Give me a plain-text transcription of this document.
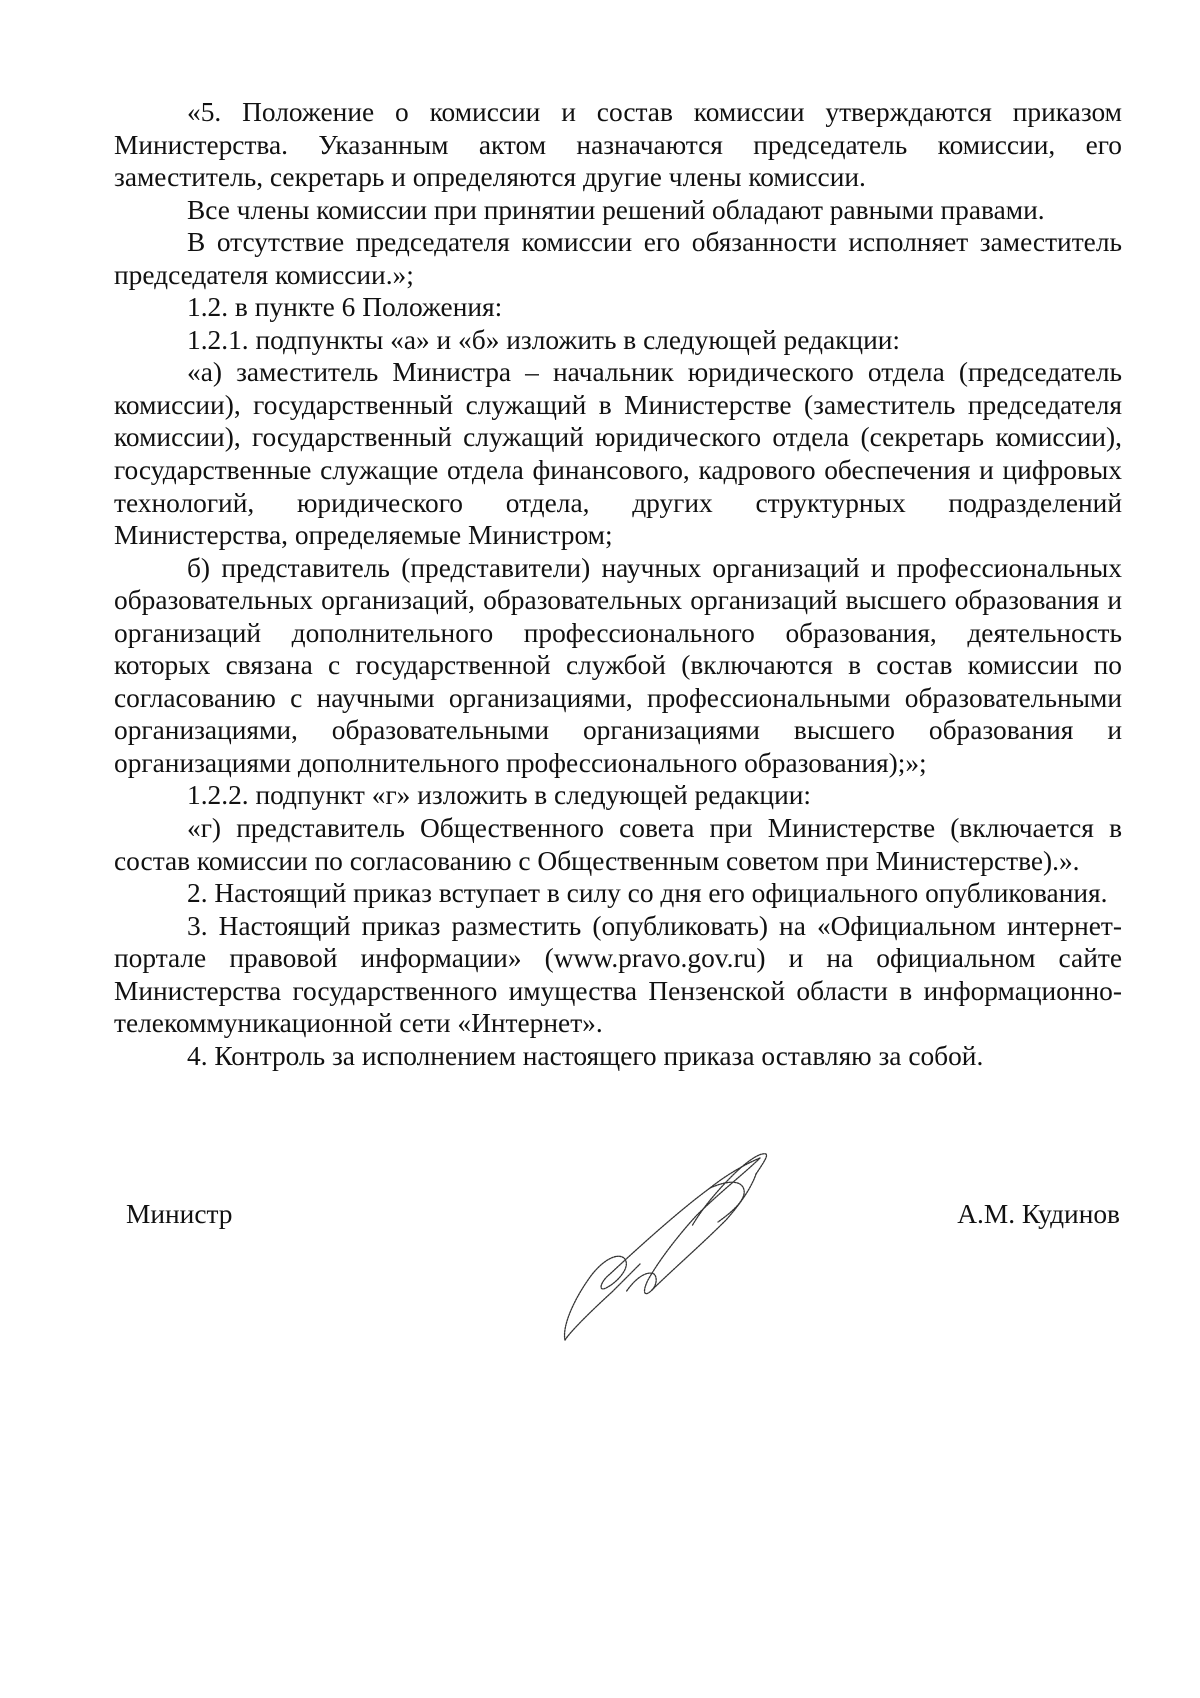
«5. Положение о комиссии и состав комиссии утверждаются приказом Министерства. Указанным актом назначаются председатель комиссии, его заместитель, секретарь и определяются другие члены комиссии.

Все члены комиссии при принятии решений обладают равными правами.

В отсутствие председателя комиссии его обязанности исполняет заместитель председателя комиссии.»;

1.2. в пункте 6 Положения:

1.2.1. подпункты «а» и «б» изложить в следующей редакции:

«а) заместитель Министра – начальник юридического отдела (председатель комиссии), государственный служащий в Министерстве (заместитель председателя комиссии), государственный служащий юридического отдела (секретарь комиссии), государственные служащие отдела финансового, кадрового обеспечения и цифровых технологий, юридического отдела, других структурных подразделений Министерства, определяемые Министром;

б) представитель (представители) научных организаций и профессиональных образовательных организаций, образовательных организаций высшего образования и организаций дополнительного профессионального образования, деятельность которых связана с государственной службой (включаются в состав комиссии по согласованию с научными организациями, профессиональными образовательными организациями, образовательными организациями высшего образования и организациями дополнительного профессионального образования);»;

1.2.2. подпункт «г» изложить в следующей редакции:

«г) представитель Общественного совета при Министерстве (включается в состав комиссии по согласованию с Общественным советом при Министерстве).».

2. Настоящий приказ вступает в силу со дня его официального опубликования.

3. Настоящий приказ разместить (опубликовать) на «Официальном интернет-портале правовой информации» (www.pravo.gov.ru) и на официальном сайте Министерства государственного имущества Пензенской области в информационно-телекоммуникационной сети «Интернет».

4. Контроль за исполнением настоящего приказа оставляю за собой.

Министр	А.М. Кудинов
